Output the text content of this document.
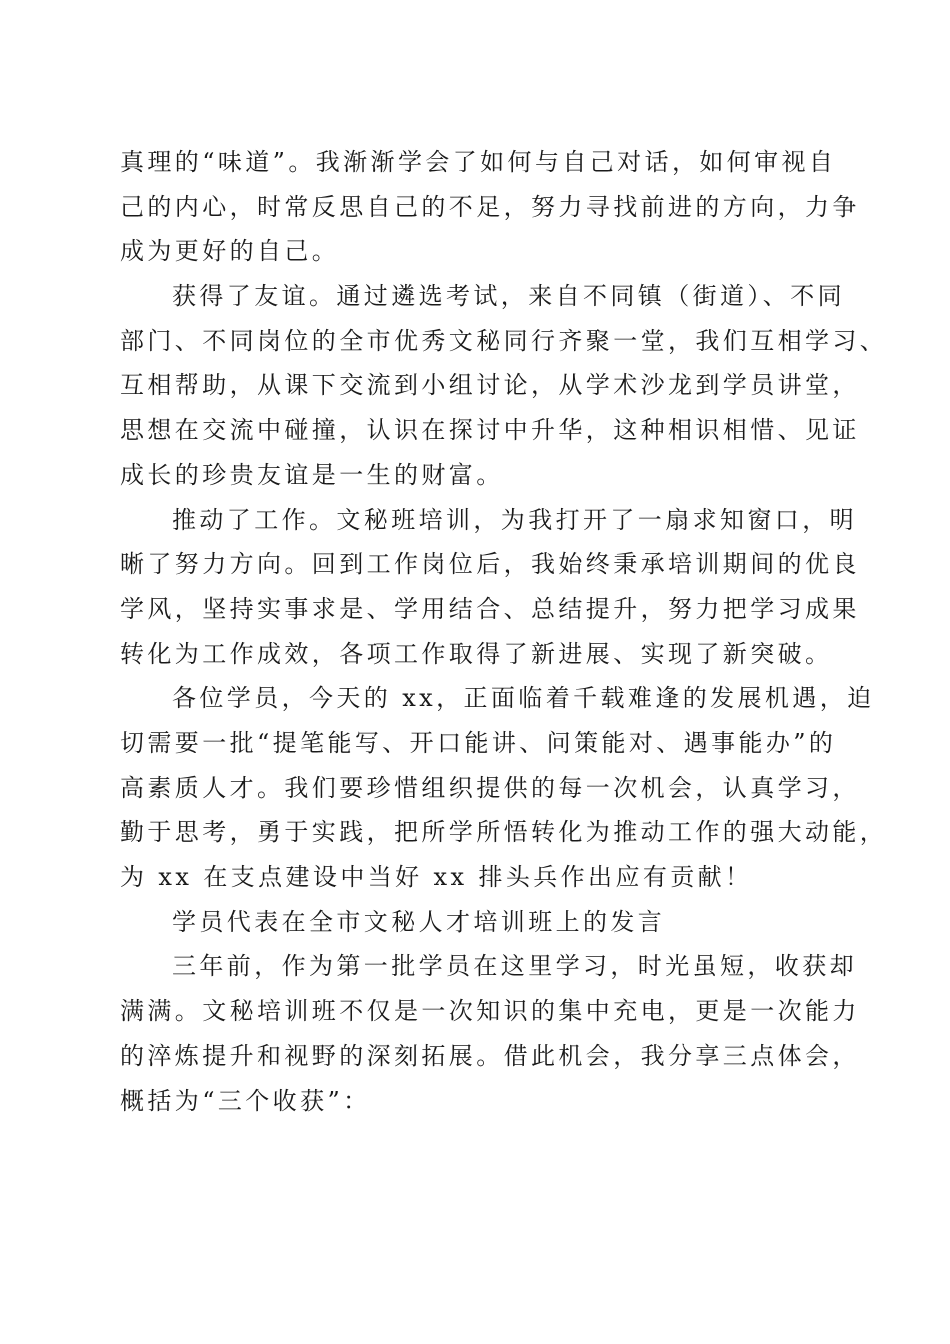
真理的“味道”。我渐渐学会了如何与自己对话，如何审视自
己的内心，时常反思自己的不足，努力寻找前进的方向，力争
成为更好的自己。
获得了友谊。通过遴选考试，来自不同镇（街道）、不同
部门、不同岗位的全市优秀文秘同行齐聚一堂，我们互相学习、
互相帮助，从课下交流到小组讨论，从学术沙龙到学员讲堂，
思想在交流中碰撞，认识在探讨中升华，这种相识相惜、见证
成长的珍贵友谊是一生的财富。
推动了工作。文秘班培训，为我打开了一扇求知窗口，明
晰了努力方向。回到工作岗位后，我始终秉承培训期间的优良
学风，坚持实事求是、学用结合、总结提升，努力把学习成果
转化为工作成效，各项工作取得了新进展、实现了新突破。
各位学员，今天的 xx，正面临着千载难逢的发展机遇，迫
切需要一批“提笔能写、开口能讲、问策能对、遇事能办”的
高素质人才。我们要珍惜组织提供的每一次机会，认真学习，
勤于思考，勇于实践，把所学所悟转化为推动工作的强大动能，
为 xx 在支点建设中当好 xx 排头兵作出应有贡献！
学员代表在全市文秘人才培训班上的发言
三年前，作为第一批学员在这里学习，时光虽短，收获却
满满。文秘培训班不仅是一次知识的集中充电，更是一次能力
的淬炼提升和视野的深刻拓展。借此机会，我分享三点体会，
概括为“三个收获”：
